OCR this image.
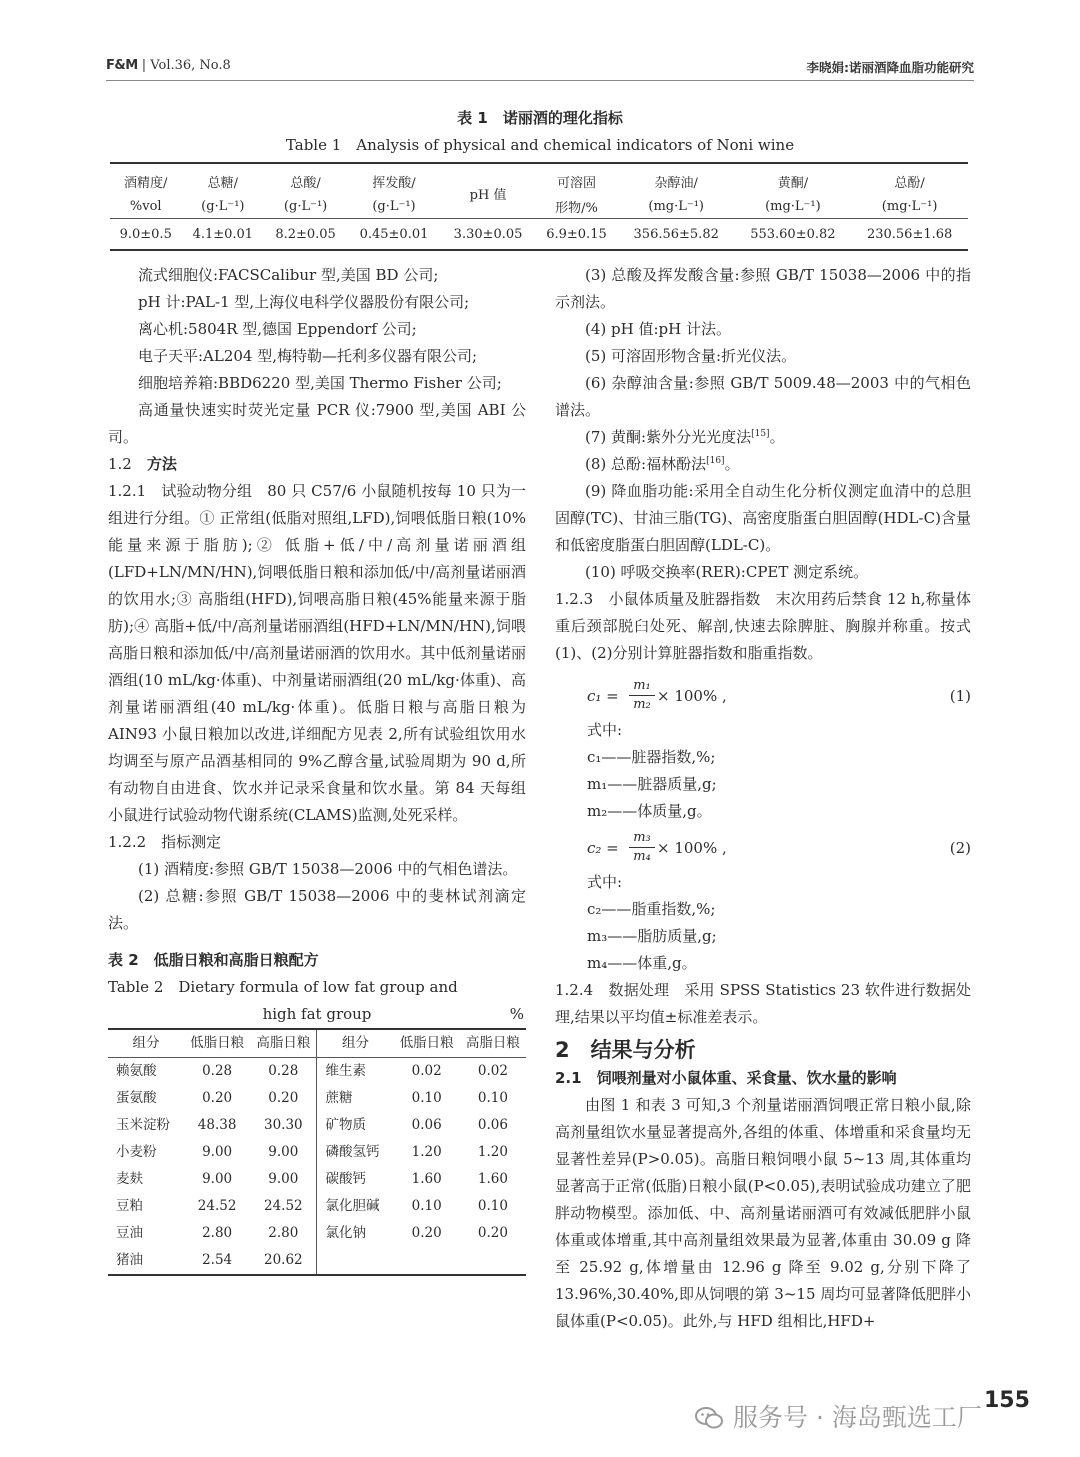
F&M | Vol.36, No.8	李晓娟:诺丽酒降血脂功能研究
表 1　诺丽酒的理化指标
Table 1　Analysis of physical and chemical indicators of Noni wine
酒精度/	总糖/	总酸/	挥发酸/	pH 值	可溶固	杂醇油/	黄酮/	总酚/
%vol	(g·L⁻¹)	(g·L⁻¹)	(g·L⁻¹)		形物/%	(mg·L⁻¹)	(mg·L⁻¹)	(mg·L⁻¹)
9.0±0.5	4.1±0.01	8.2±0.05	0.45±0.01	3.30±0.05	6.9±0.15	356.56±5.82	553.60±0.82	230.56±1.68

流式细胞仪:FACSCalibur 型,美国 BD 公司;

pH 计:PAL-1 型,上海仪电科学仪器股份有限公司;

离心机:5804R 型,德国 Eppendorf 公司;

电子天平:AL204 型,梅特勒—托利多仪器有限公司;

细胞培养箱:BBD6220 型,美国 Thermo Fisher 公司;

高通量快速实时荧光定量 PCR 仪:7900 型,美国 ABI 公司。

1.2　 方法

1.2.1　试验动物分组　 80 只 C57/6 小鼠随机按每 10 只为一组进行分组。① 正常组(低脂对照组,LFD),饲喂低脂日粮(10%能量来源于脂肪);② 低脂+低/中/高剂量诺丽酒组(LFD+LN/MN/HN),饲喂低脂日粮和添加低/中/高剂量诺丽酒的饮用水;③ 高脂组(HFD),饲喂高脂日粮(45%能量来源于脂肪);④ 高脂+低/中/高剂量诺丽酒组(HFD+LN/MN/HN),饲喂高脂日粮和添加低/中/高剂量诺丽酒的饮用水。其中低剂量诺丽酒组(10 mL/kg·体重)、中剂量诺丽酒组(20 mL/kg·体重)、高剂量诺丽酒组(40 mL/kg·体重)。低脂日粮与高脂日粮为 AIN93 小鼠日粮加以改进,详细配方见表 2,所有试验组饮用水均调至与原产品酒基相同的 9%乙醇含量,试验周期为 90 d,所有动物自由进食、饮水并记录采食量和饮水量。第 84 天每组小鼠进行试验动物代谢系统(CLAMS)监测,处死采样。

1.2.2　指标测定

(1) 酒精度:参照 GB/T 15038—2006 中的气相色谱法。

(2) 总糖:参照 GB/T 15038—2006 中的斐林试剂滴定法。

表 2　低脂日粮和高脂日粮配方

Table 2　Dietary formula of low fat group and

high fat group	%
组分	低脂日粮	高脂日粮	组分	低脂日粮	高脂日粮
赖氨酸	0.28	0.28	维生素	0.02	0.02
蛋氨酸	0.20	0.20	蔗糖	0.10	0.10
玉米淀粉	48.38	30.30	矿物质	0.06	0.06
小麦粉	9.00	9.00	磷酸氢钙	1.20	1.20
麦麸	9.00	9.00	碳酸钙	1.60	1.60
豆粕	24.52	24.52	氯化胆碱	0.10	0.10
豆油	2.80	2.80	氯化钠	0.20	0.20
猪油	2.54	20.62			

(3) 总酸及挥发酸含量:参照 GB/T 15038—2006 中的指示剂法。

(4) pH 值:pH 计法。

(5) 可溶固形物含量:折光仪法。

(6) 杂醇油含量:参照 GB/T 5009.48—2003 中的气相色谱法。

(7) 黄酮:紫外分光光度法[15]。

(8) 总酚:福林酚法[16]。

(9) 降血脂功能:采用全自动生化分析仪测定血清中的总胆固醇(TC)、甘油三脂(TG)、高密度脂蛋白胆固醇(HDL-C)含量和低密度脂蛋白胆固醇(LDL-C)。

(10) 呼吸交换率(RER):CPET 测定系统。

1.2.3　小鼠体质量及脏器指数　末次用药后禁食 12 h,称量体重后颈部脱臼处死、解剖,快速去除脾脏、胸腺并称重。按式(1)、(2)分别计算脏器指数和脂重指数。

$c_1 = \frac{\text{m₁}}{\text{m₂}} \times 100\%$ ,	(1)

式中:

c₁——脏器指数,%;

m₁——脏器质量,g;

m₂——体质量,g。

$c_2 = \frac{\text{m₃}}{\text{m₄}} \times 100\%$ ,	(2)

式中:

c₂——脂重指数,%;

m₃——脂肪质量,g;

m₄——体重,g。

1.2.4　数据处理　采用 SPSS Statistics 23 软件进行数据处理,结果以平均值±标准差表示。

2　结果与分析

2.1　饲喂剂量对小鼠体重、采食量、饮水量的影响

由图 1 和表 3 可知,3 个剂量诺丽酒饲喂正常日粮小鼠,除高剂量组饮水量显著提高外,各组的体重、体增重和采食量均无显著性差异(P>0.05)。高脂日粮饲喂小鼠 5~13 周,其体重均显著高于正常(低脂)日粮小鼠(P<0.05),表明试验成功建立了肥胖动物模型。添加低、中、高剂量诺丽酒可有效减低肥胖小鼠体重或体增重,其中高剂量组效果最为显著,体重由 30.09 g 降至 25.92 g,体增量由 12.96 g 降至 9.02 g,分别下降了 13.96%,30.40%,即从饲喂的第 3~15 周均可显著降低肥胖小鼠体重(P<0.05)。此外,与 HFD 组相比,HFD+

155
服务号 · 海岛甄选工厂
